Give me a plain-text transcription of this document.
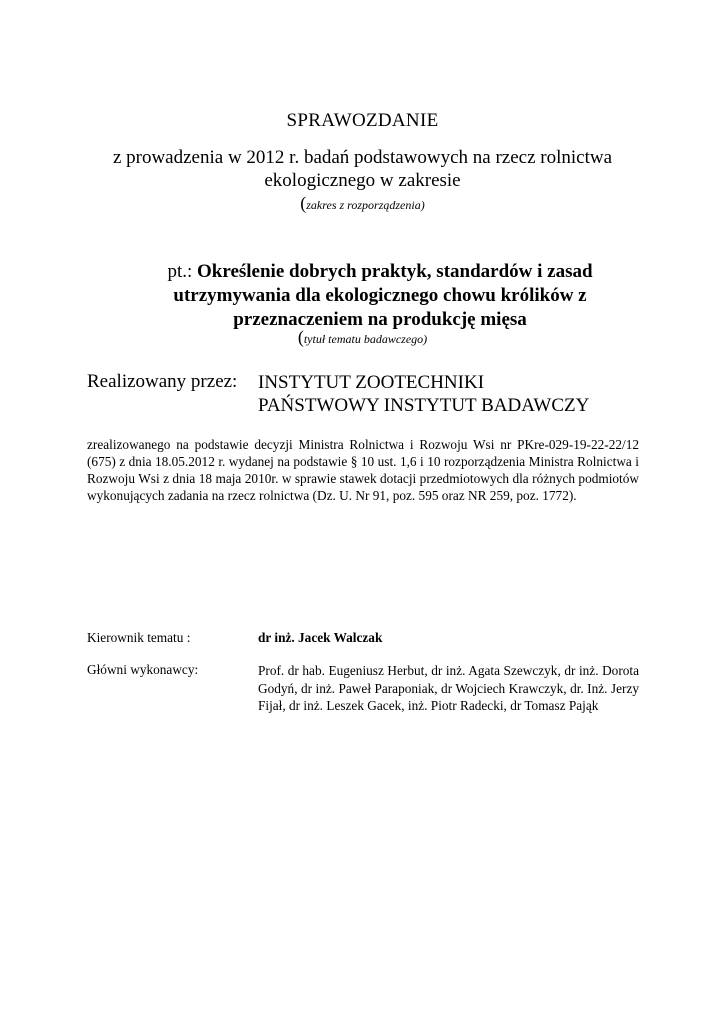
SPRAWOZDANIE
z prowadzenia w 2012 r. badań podstawowych na rzecz rolnictwa ekologicznego w zakresie
(zakres z rozporządzenia)
pt.: Określenie dobrych praktyk, standardów i zasad utrzymywania dla ekologicznego chowu królików z przeznaczeniem na produkcję mięsa
(tytuł tematu badawczego)
Realizowany przez: INSTYTUT ZOOTECHNIKI
PAŃSTWOWY INSTYTUT BADAWCZY
zrealizowanego na podstawie decyzji Ministra Rolnictwa i Rozwoju Wsi nr PKre-029-19-22-22/12 (675) z dnia 18.05.2012 r. wydanej na podstawie § 10 ust. 1,6 i 10 rozporządzenia Ministra Rolnictwa i Rozwoju Wsi z dnia 18 maja 2010r. w sprawie stawek dotacji przedmiotowych dla różnych podmiotów wykonujących zadania na rzecz rolnictwa (Dz. U. Nr 91, poz. 595 oraz NR 259, poz. 1772).
Kierownik tematu :	dr inż. Jacek Walczak
Główni wykonawcy:	Prof. dr hab. Eugeniusz Herbut, dr inż. Agata Szewczyk, dr inż. Dorota Godyń, dr inż. Paweł Paraponiak, dr Wojciech Krawczyk, dr. Inż. Jerzy Fijał, dr inż. Leszek Gacek, inż. Piotr Radecki, dr Tomasz Pająk
